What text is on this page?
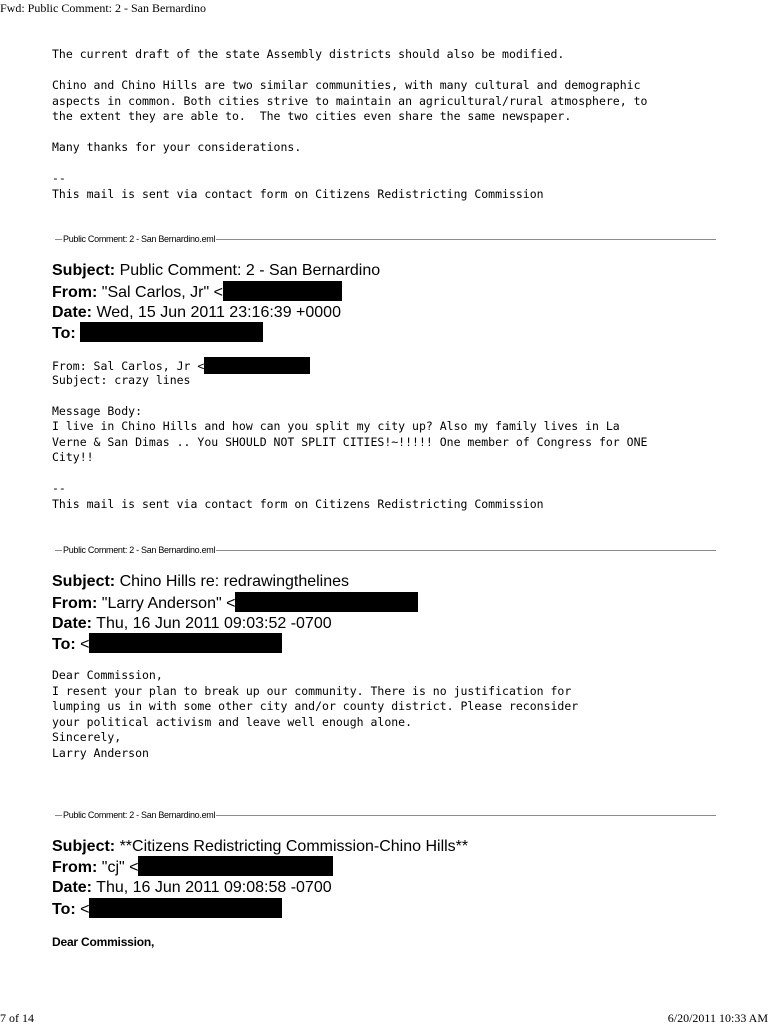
Fwd: Public Comment: 2 - San Bernardino
The current draft of the state Assembly districts should also be modified.
Chino and Chino Hills are two similar communities, with many cultural and demographic
aspects in common. Both cities strive to maintain an agricultural/rural atmosphere, to
the extent they are able to.  The two cities even share the same newspaper.
Many thanks for your considerations.
--
This mail is sent via contact form on Citizens Redistricting Commission
Public Comment: 2 - San Bernardino.eml
Subject: Public Comment: 2 - San Bernardino
From: "Sal Carlos, Jr" <
Date: Wed, 15 Jun 2011 23:16:39 +0000
To:
From: Sal Carlos, Jr <
Subject: crazy lines
Message Body:
I live in Chino Hills and how can you split my city up? Also my family lives in La
Verne & San Dimas .. You SHOULD NOT SPLIT CITIES!~!!!!! One member of Congress for ONE
City!!
--
This mail is sent via contact form on Citizens Redistricting Commission
Public Comment: 2 - San Bernardino.eml
Subject: Chino Hills re: redrawingthelines
From: "Larry Anderson" <
Date: Thu, 16 Jun 2011 09:03:52 -0700
To: <
Dear Commission,
I resent your plan to break up our community. There is no justification for
lumping us in with some other city and/or county district. Please reconsider
your political activism and leave well enough alone.
Sincerely,
Larry Anderson
Public Comment: 2 - San Bernardino.eml
Subject: **Citizens Redistricting Commission-Chino Hills**
From: "cj" <
Date: Thu, 16 Jun 2011 09:08:58 -0700
To: <
Dear Commission,
7 of 14	6/20/2011 10:33 AM
